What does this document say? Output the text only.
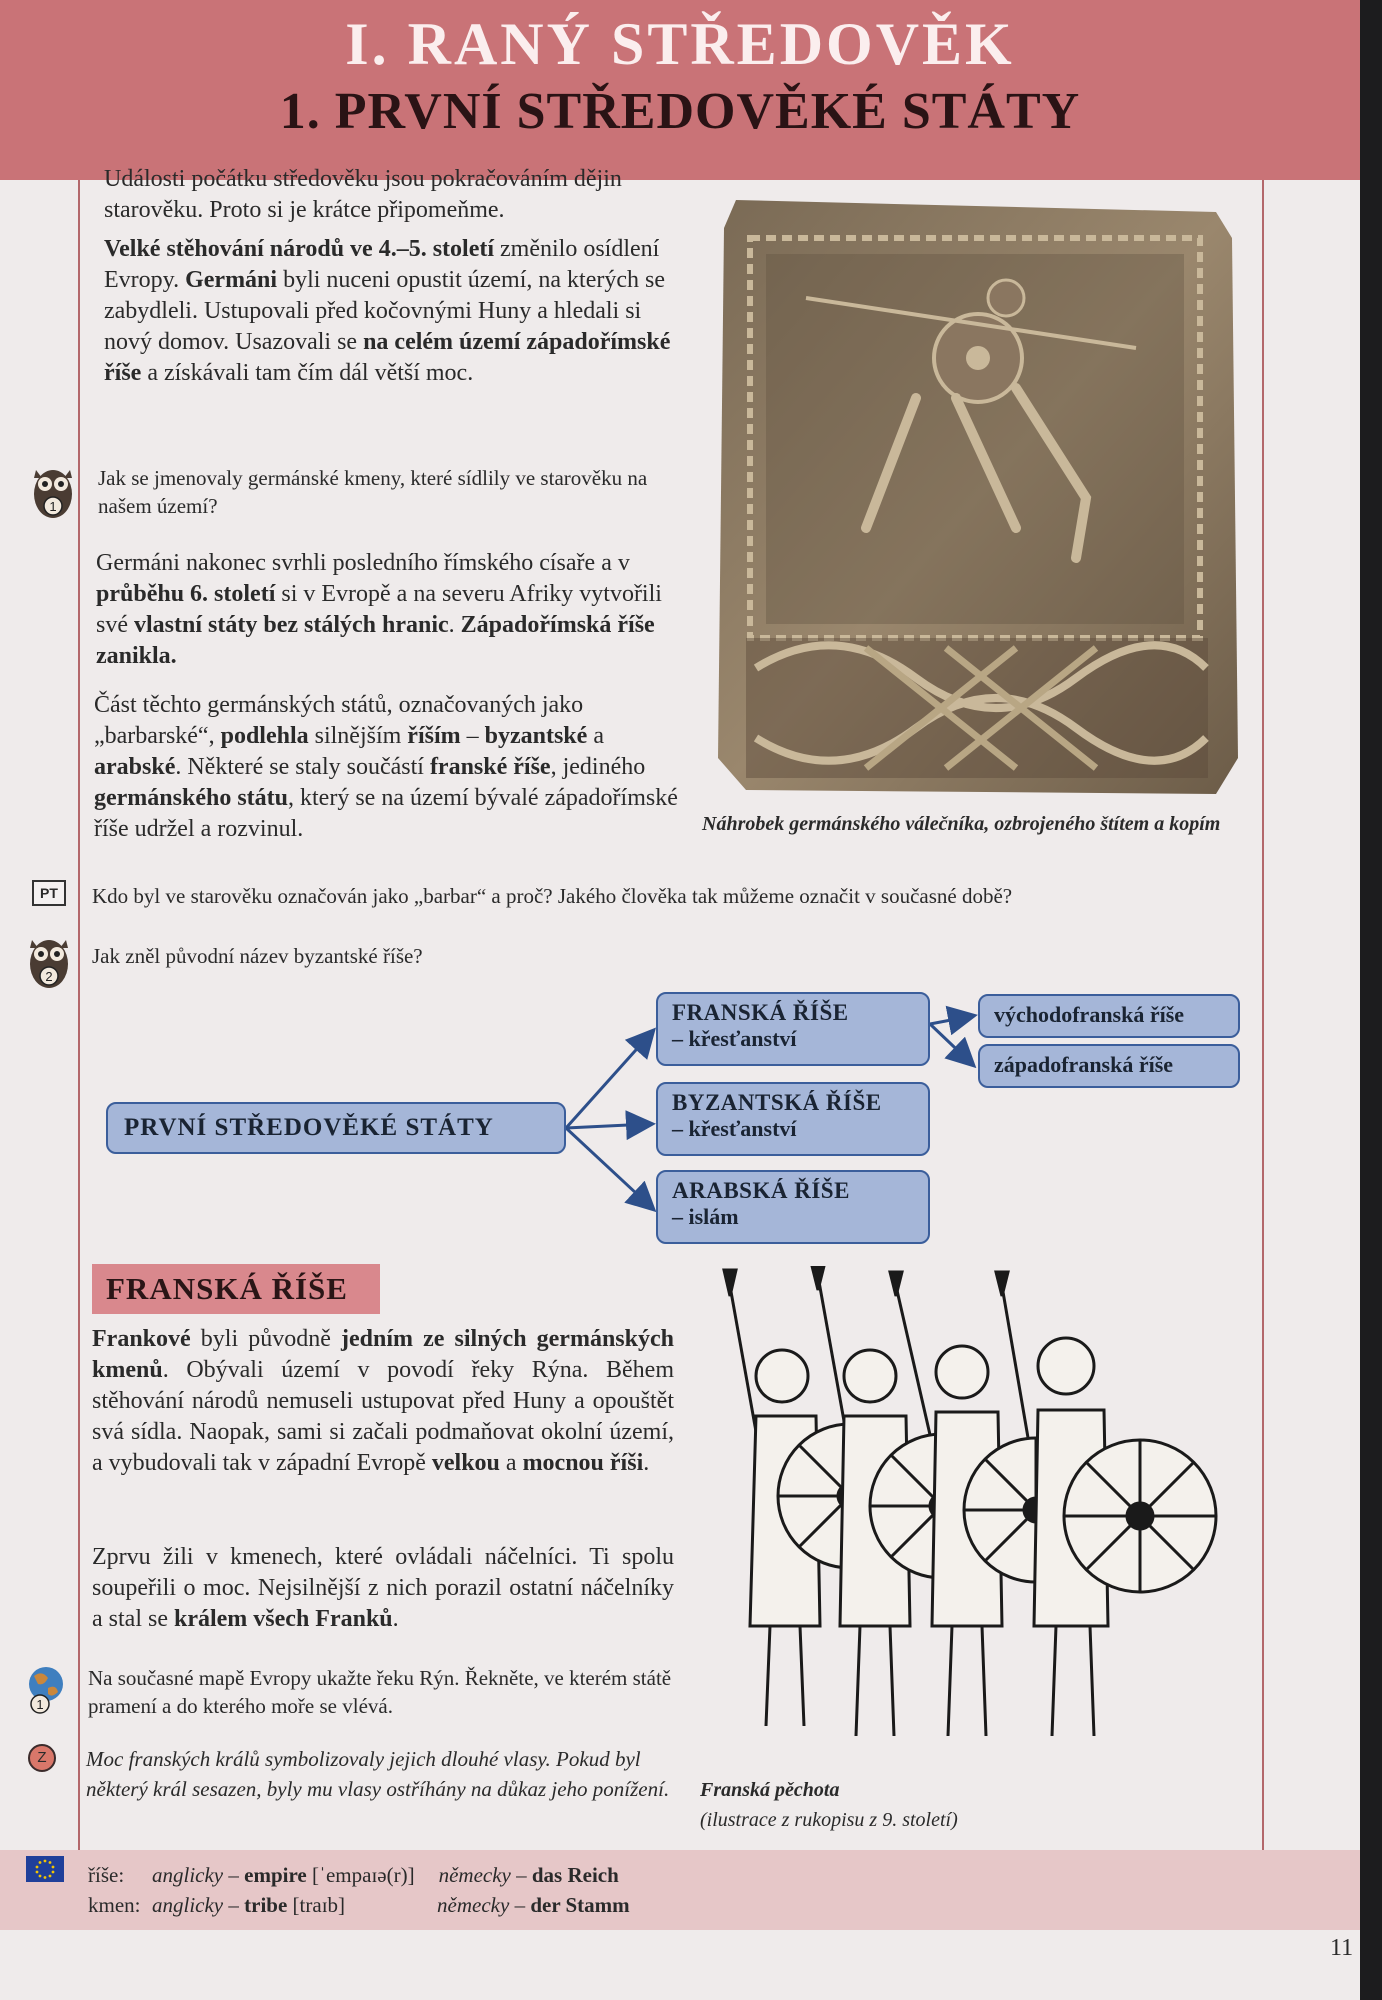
I. RANÝ STŘEDOVĚK
1. PRVNÍ STŘEDOVĚKÉ STÁTY

Události počátku středověku jsou pokračováním dějin starověku. Proto si je krátce připomeňme.

Velké stěhování národů ve 4.–5. století změnilo osídlení Evropy. Germáni byli nuceni opustit území, na kterých se zabydleli. Ustupovali před kočovnými Huny a hledali si nový domov. Usazovali se na celém území západořímské říše a získávali tam čím dál větší moc.

1

Jak se jmenovaly germánské kmeny, které sídlily ve starověku na našem území?

Germáni nakonec svrhli posledního římského císaře a v průběhu 6. století si v Evropě a na severu Afriky vytvořili své vlastní státy bez stálých hranic. Západořímská říše zanikla.

Část těchto germánských států, označovaných jako „barbarské“, podlehla silnějším říším – byzantské a arabské. Některé se staly součástí franské říše, jediného germánského státu, který se na území bývalé západořímské říše udržel a rozvinul.	Náhrobek germánského válečníka, ozbrojeného štítem a kopím

PT	Kdo byl ve starověku označován jako „barbar“ a proč? Jakého člověka tak můžeme označit v současné době?

2

Jak zněl původní název byzantské říše?

PRVNÍ STŘEDOVĚKÉ STÁTY
FRANSKÁ ŘÍŠE
– křesťanství
BYZANTSKÁ ŘÍŠE
– křesťanství
ARABSKÁ ŘÍŠE
– islám
východofranská říše
západofranská říše
FRANSKÁ ŘÍŠE

Frankové byli původně jedním ze silných germánských kmenů. Obývali území v povodí řeky Rýna. Během stěhování národů nemuseli ustupovat před Huny a opouštět svá sídla. Naopak, sami si začali podmaňovat okolní území, a vybudovali tak v západní Evropě velkou a mocnou říši.

Zprvu žili v kmenech, které ovládali náčelníci. Ti spolu soupeřili o moc. Nejsilnější z nich porazil ostatní náčelníky a stal se králem všech Franků.

1

Na současné mapě Evropy ukažte řeku Rýn. Řekněte, ve kterém státě pramení a do kterého moře se vlévá.

Z	Moc franských králů symbolizovaly jejich dlouhé vlasy. Pokud byl některý král sesazen, byly mu vlasy ostříhány na důkaz jeho ponížení.	Franská pěchota

(ilustrace z rukopisu z 9. století)

říše: anglicky – empire [ˈempaɪə(r)] německy – das Reich

kmen: anglicky – tribe [traɪb]	německy – der Stamm

11
